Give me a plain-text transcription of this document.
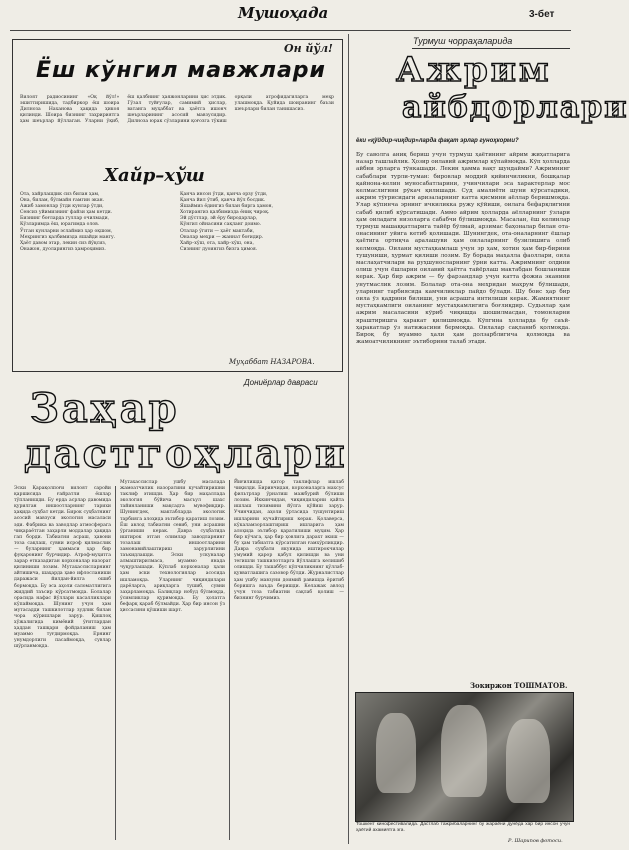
Мушоҳада	3-бет
Он йўл!
Ёш кўнгил мавжлари
Вилоят радиосининг «Оқ йўл!» эшиттиришида, тадбиркор ёш шоира Дилноза Наханова ҳақида ҳикоя қилинди. Шоира бизнинг таҳририятга ҳам шеърлар йўллаган. Уларни ўқиб, ёш қалбнинг ҳаяжонларини ҳис этдик. Гўзал туйғулар, самимий ҳислар, ватанга муҳаббат ва ҳаётга ишонч шеърларининг асосий мавзусидир. Дилноза юрак сўзларини қоғозга тўкиш орқали атрофидагиларга меҳр улашмоқда. Қуйида шоиранинг баъзи шеърлари билан танишасиз.
Хайр–хўш
Ота, хайрлашдик сиз билан ҳам,
Она, билам, бўлмайн ғамгин экан.
Ажиб замонлар ўтди кунлар ўтди,
Сенсиз уйимизнинг файзи ҳам кетди.
Бизнинг боғларда гуллар очилмади,
Кўзларимда ёш, юрагимда олов.
Ўтган кунларни эслаймиз ҳар оқшом,
Меҳрингиз қалбимизда яшайди мангу.
Ҳаёт давом этар, лекин сиз йўқсиз,
Онажон, дуоларингиз ҳамроҳимиз.
Қанча инсон ўтди, қанча орзу ўтди,
Қанча йил ўтиб, қанча йўл босдик.
Яшаймиз ёдингиз билан бирга ҳамон,
Хотирангиз қалбимизда ёниқ чироқ.
Эй дўстлар, эй ёру биродарлар,
Кўнгил ойнасини сақланг доимо.
Оталар ўгити — ҳаёт мактаби,
Оналар меҳри — жаннат боғидир.
Хайр–хўш, ота, хайр–хўш, она,
Сизнинг дуоингиз бизга ҳимоя.
Муҳаббат НАЗАРОВА.
Дониёрлар давраси
Заҳар
дастгоҳлари
Эски Қарақолпоғи вилоят саройи қаршисида ғайратли ёшлар тўпланишди. Бу ерда асрлар давомида қурилган иншоотларнинг тарихи ҳақида суҳбат кетди. Бирок суҳбатнинг асосий мавзуси экология масаласи эди. Фабрика ва заводлар атмосферага чиқараётган заҳарли моддалар ҳақида гап борди. Табиатни асраш, ҳавони тоза сақлаш, сувни исроф қилмаслик — буларнинг ҳаммаси ҳар бир фуқаронинг бурчидир. Атроф-муҳитга зарар етказадиган корхоналар назорат қилиниши лозим. Мутахассисларнинг айтишича, шаҳарда ҳаво ифлосланиши даражаси йилдан-йилга ошиб бормоқда. Бу эса аҳоли саломатлигига жиддий таъсир кўрсатмоқда. Болалар орасида нафас йўллари касалликлари кўпаймоқда. Шунинг учун ҳам мутасадди ташкилотлар зудлик билан чора кўришлари зарур. Қишлоқ хўжалигида кимёвий ўғитлардан ҳаддан ташқари фойдаланиш ҳам муаммо туғдирмоқда. Ернинг унумдорлиги пасаймоқда, сувлар шўрланмоқда.
Мутахассислар ушбу масалада жамоатчилик назоратини кучайтиришни таклиф этишди. Ҳар бир маҳаллада экология бўйича масъул шахс тайинланиши мақсадга мувофиқдир. Шунингдек, мактабларда экологик тарбияга алоҳида эътибор қаратиш лозим. Ёш авлод табиатни севиб, уни асрашни ўрганиши керак. Давра суҳбатида иштирок этган олимлар заводларнинг тозалаш иншоотларини замонавийлаштириш зарурлигини таъкидлашди. Эски ускуналар алмаштирилмаса, муаммо янада чуқурлашади. Кўплаб корхоналар ҳали ҳам эски технологиялар асосида ишламоқда. Уларнинг чиқиндилари дарёларга, ариқларга тушиб, сувни заҳарламоқда. Балиқлар нобуд бўлмоқда, ўсимликлар қуримоқда. Бу ҳолатга бефарқ қараб бўлмайди. Ҳар бир инсон ўз ҳиссасини қўшиши шарт.
Йиғилишда қатор таклифлар ишлаб чиқилди. Биринчидан, корхоналарга махсус фильтрлар ўрнатиш мажбурий бўлиши лозим. Иккинчидан, чиқиндиларни қайта ишлаш тизимини йўлга қўйиш зарур. Учинчидан, аҳоли ўртасида тушунтириш ишларини кучайтириш керак. Қолаверса, кўкаламзорлаштириш ишларига ҳам алоҳида эътибор қаратилиши муҳим. Ҳар бир кўчага, ҳар бир ҳовлига дарахт экиш — бу ҳам табиатга кўрсатилган ғамхўрликдир. Давра суҳбати якунида иштирокчилар умумий қарор қабул қилишди ва уни тегишли ташкилотларга йўллашга келишиб олишди. Бу ташаббус кўпчиликнинг қўллаб-қувватлашига сазовор бўлди. Журналистлар ҳам ушбу мавзуни доимий равишда ёритиб боришга ваъда беришди. Келажак авлод учун тоза табиатни сақлаб қолиш — бизнинг бурчимиз.
Турмуш чорраҳаларида
Ажрим
айбдорлари
ёки «қўйдир-чиқдир»ларда фақат эрлар гуноҳкорми?
Бу саволга аниқ бериш учун турмуш ҳаётининг айрим жиҳатларига назар ташлайлик. Ҳозир оилавий ажримлар кўпаймоқда. Кўп ҳолларда айбни эрларга тўнкашади. Лекин ҳамма вақт шундайми? Ажримнинг сабаблари турли-туман: бировлар моддий қийинчиликни, бошқалар қайнона-келин муносабатларини, учинчилари эса характерлар мос келмаслигини рўкач қилишади. Суд амалиёти шуни кўрсатадики, ажрим тўғрисидаги аризаларнинг катта қисмини аёллар беришмоқда. Улар кўпинча эрнинг ичкиликка ружу қўйиши, оилага бефарқлигини сабаб қилиб кўрсатишади. Аммо айрим ҳолларда аёлларнинг ўзлари ҳам оиладаги низоларга сабабчи бўлишмоқда. Масалан, ёш келинлар турмуш машаққатларига тайёр бўлмай, арзимас баҳоналар билан ота-онасининг уйига кетиб қолишади. Шунингдек, ота-оналарнинг ёшлар ҳаётига ортиқча аралашуви ҳам оилаларнинг бузилишига олиб келмоқда. Оилани мустаҳкамлаш учун эр ҳам, хотин ҳам бир-бирини тушуниши, ҳурмат қилиши лозим. Бу борада маҳалла фаоллари, оила маслаҳатчилари ва руҳшуносларнинг ўрни катта. Ажримнинг олдини олиш учун ёшларни оилавий ҳаётга тайёрлаш мактабдан бошланиши керак. Ҳар бир ажрим — бу фарзандлар учун катта фожиа эканини унутмаслик лозим. Болалар ота-она меҳридан маҳрум бўлишади, уларнинг тарбиясида камчиликлар пайдо бўлади. Шу боис ҳар бир оила ўз қадрини билиши, уни асрашга интилиши керак. Жамиятнинг мустаҳкамлиги оиланинг мустаҳкамлигига боғлиқдир. Судьялар ҳам ажрим масаласини кўриб чиқишда шошилмасдан, томонларни яраштиришга ҳаракат қилишмоқда. Кўпгина ҳолларда бу саъй-ҳаракатлар ўз натижасини бермоқда. Оилалар сақланиб қолмоқда. Бироқ бу муаммо ҳали ҳам долзарблигича қолмоқда ва жамоатчиликнинг эътиборини талаб этади.
Зокиржон ТОШМАТОВ.
Тошкент кинофестивалида. Дастлаб тажрибаларнинг бу жараёни дунёда хар бир инсон учун ҳаётий ахамиятга эга.
Р. Шарипов фотоси.
